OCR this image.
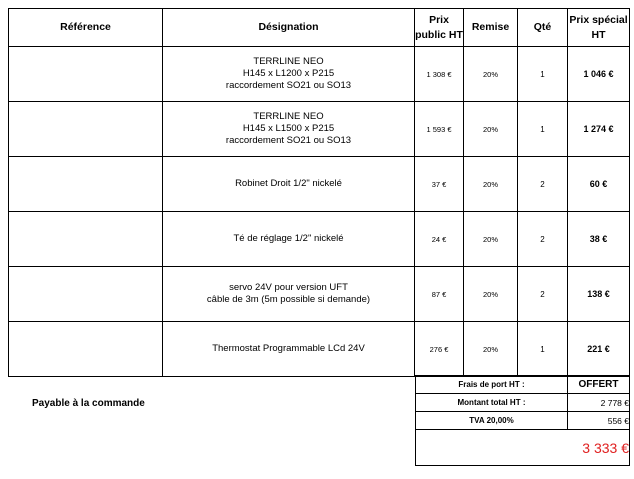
Référence	Désignation	Prix public HT	Remise	Qté	Prix spécial HT
	TERRLINE NEO
H145 x L1200 x P215
raccordement SO21 ou SO13	1 308 €	20%	1	1 046 €
	TERRLINE NEO
H145 x L1500 x P215
raccordement SO21 ou SO13	1 593 €	20%	1	1 274 €
	Robinet Droit 1/2" nickelé	37 €	20%	2	60 €
	Té de réglage 1/2" nickelé	24 €	20%	2	38 €
	servo 24V pour version UFT
câble de 3m (5m possible si demande)	87 €	20%	2	138 €
	Thermostat Programmable LCd 24V	276 €	20%	1	221 €
Payable à la commande
Frais de port HT :	OFFERT
Montant total HT :	2 778 €
TVA 20,00%	556 €
3 333 €	
